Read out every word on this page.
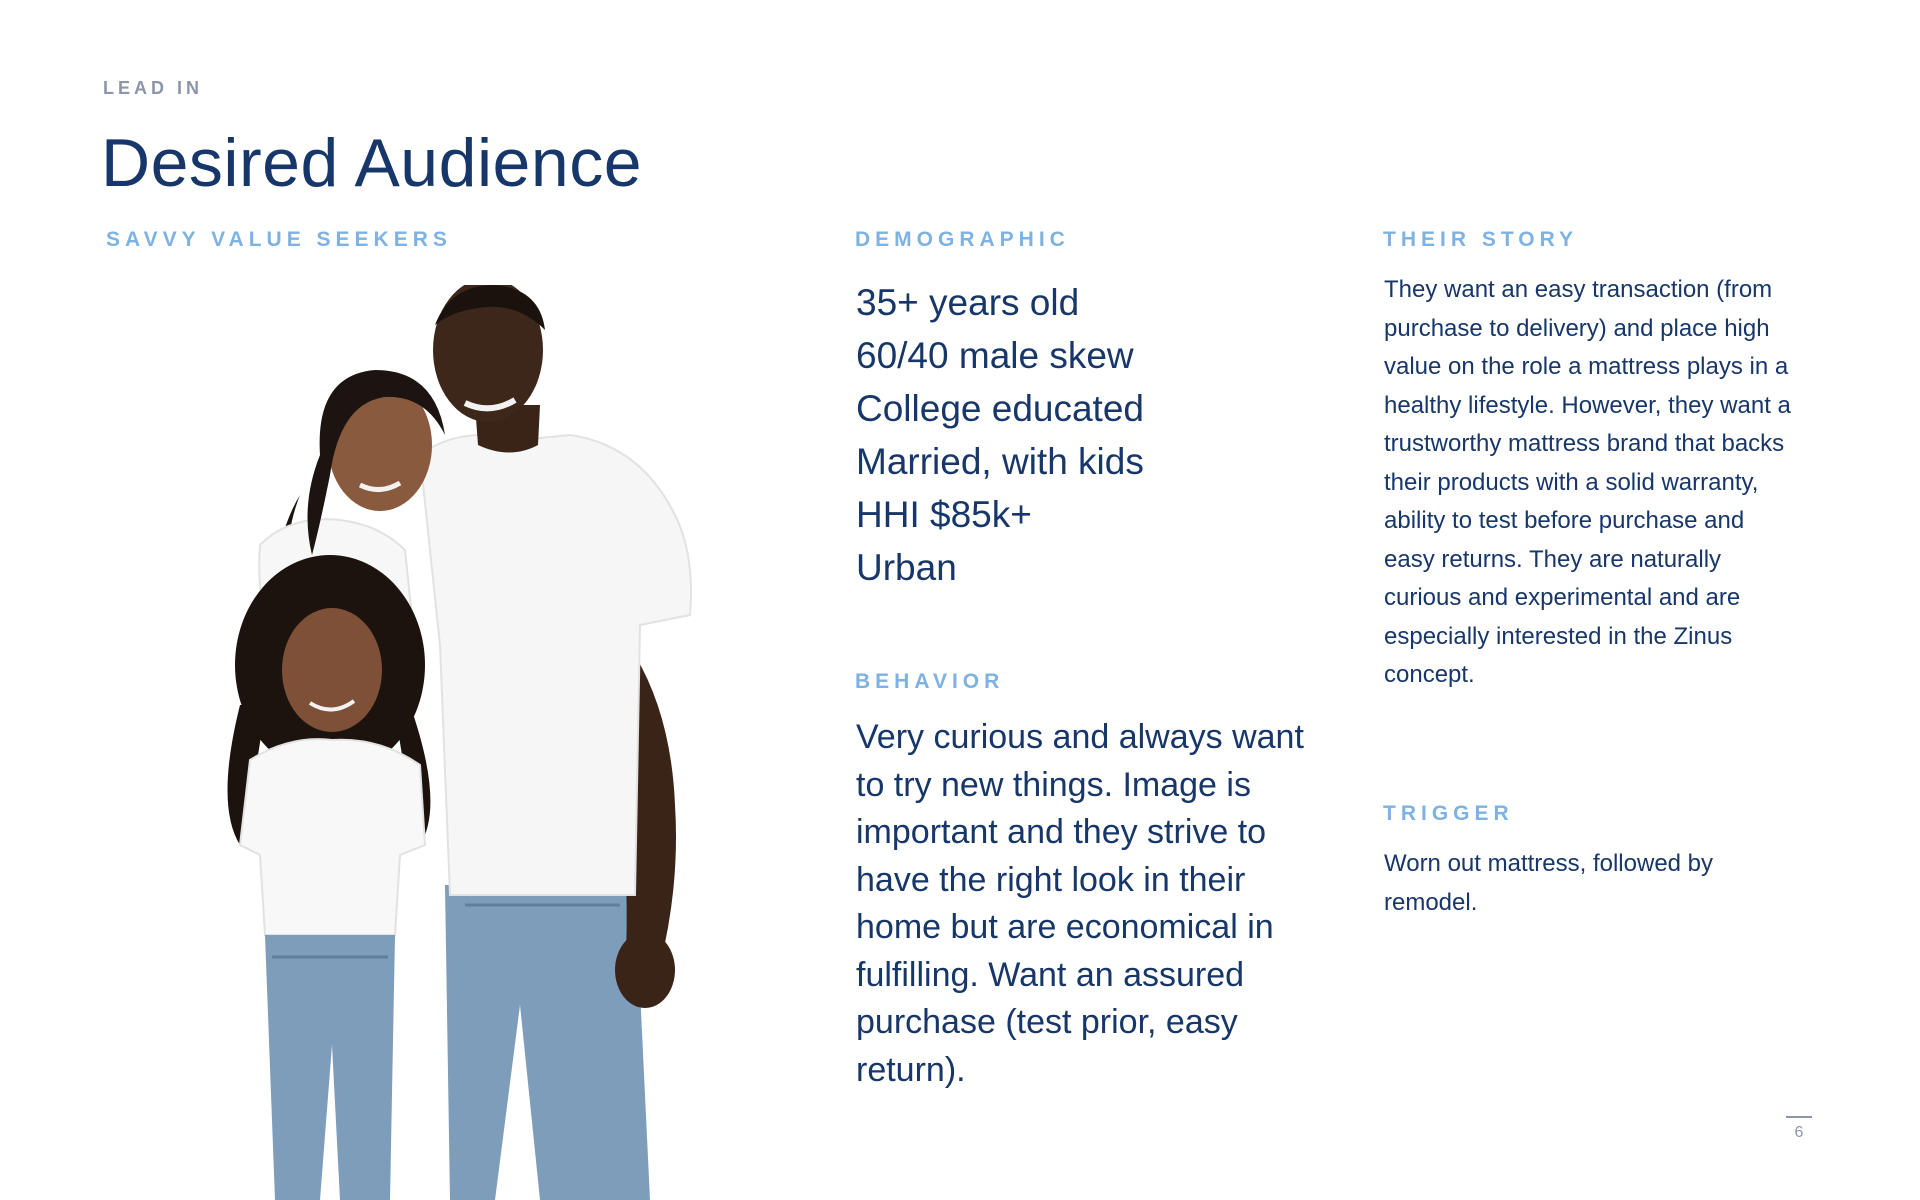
LEAD IN
Desired Audience
SAVVY VALUE SEEKERS	DEMOGRAPHIC
35+ years old
60/40 male skew
College educated
Married, with kids
HHI $85k+
Urban
BEHAVIOR
Very curious and always want to try new things. Image is important and they strive to have the right look in their home but are economical in fulfilling. Want an assured purchase (test prior, easy return).
THEIR STORY
They want an easy transaction (from purchase to delivery) and place high value on the role a mattress plays in a healthy lifestyle. However, they want a trustworthy mattress brand that backs their products with a solid warranty, ability to test before purchase and easy returns. They are naturally curious and experimental and are especially interested in the Zinus concept.
TRIGGER
Worn out mattress, followed by remodel.
6
